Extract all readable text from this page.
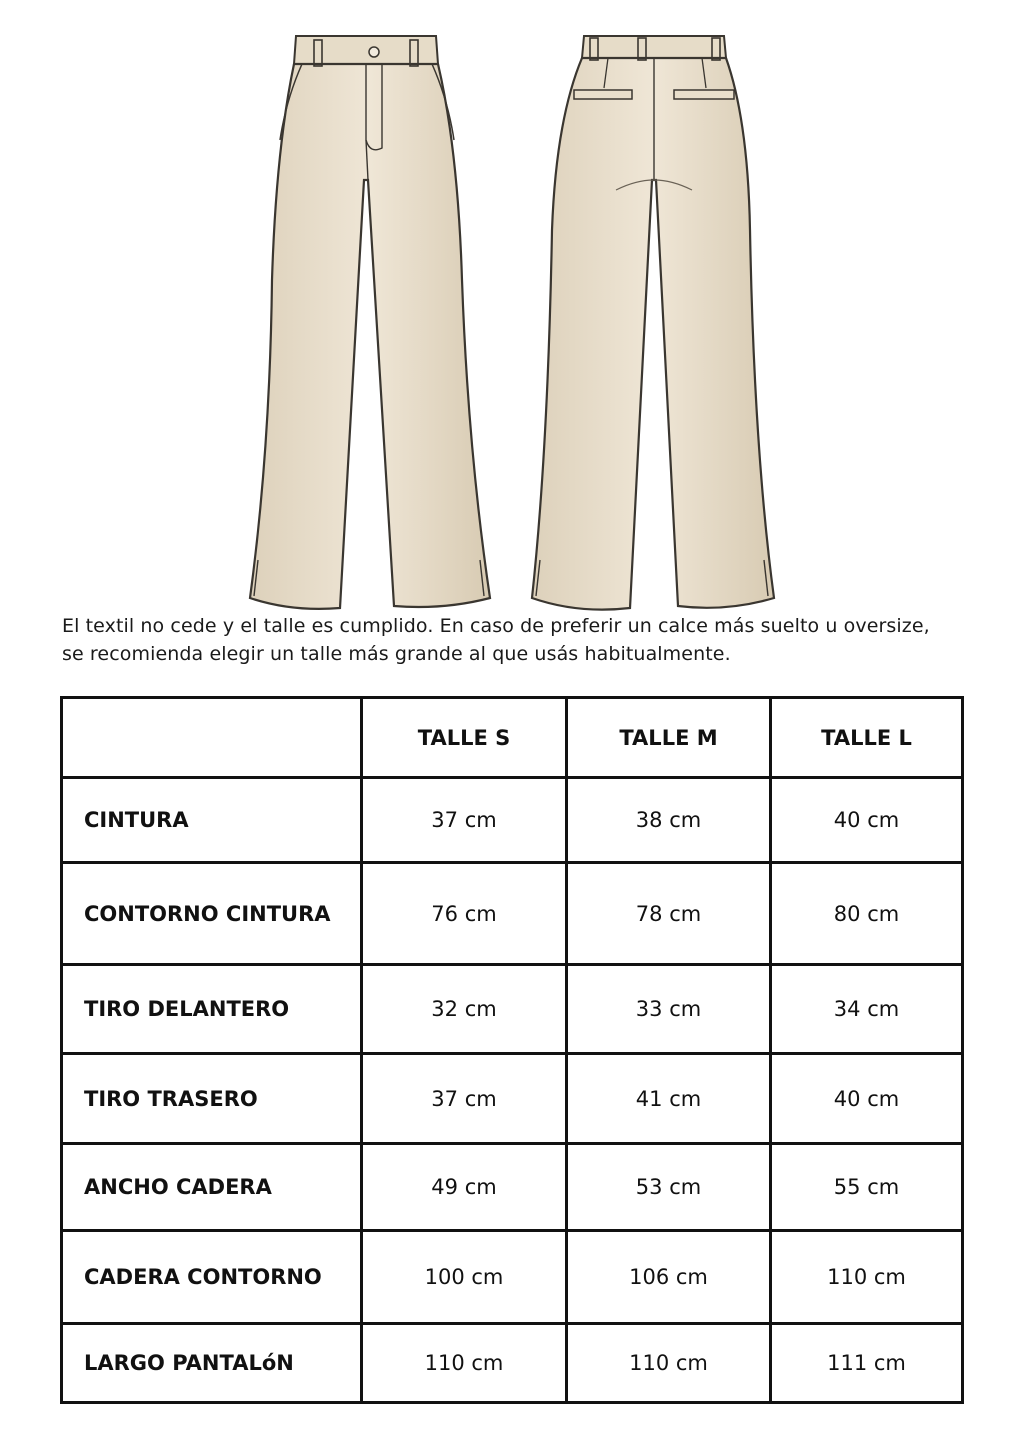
El textil no cede y el talle es cumplido. En caso de preferir un calce más suelto u oversize,

se recomienda elegir un talle más grande al que usás habitualmente.

	TALLE S	TALLE M	TALLE L
CINTURA	37 cm	38 cm	40 cm
CONTORNO CINTURA	76 cm	78 cm	80 cm
TIRO DELANTERO	32 cm	33 cm	34 cm
TIRO TRASERO	37 cm	41 cm	40 cm
ANCHO CADERA	49 cm	53 cm	55 cm
CADERA CONTORNO	100 cm	106 cm	110 cm
LARGO PANTALóN	110 cm	110 cm	111 cm
